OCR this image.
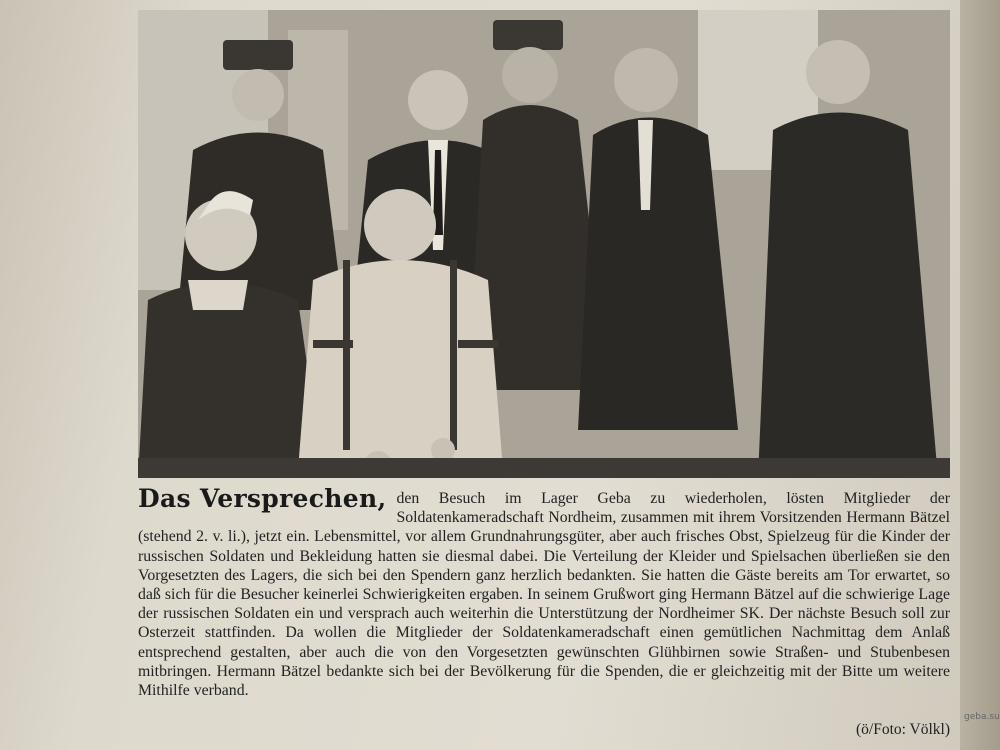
Das Versprechen, den Besuch im Lager Geba zu wiederholen, lösten Mitglieder der Soldatenkameradschaft Nordheim, zusammen mit ihrem Vorsitzenden Hermann Bätzel (stehend 2. v. li.), jetzt ein. Lebensmittel, vor allem Grundnahrungsgüter, aber auch frisches Obst, Spielzeug für die Kinder der russischen Soldaten und Bekleidung hatten sie diesmal dabei. Die Verteilung der Kleider und Spielsachen überließen sie den Vorgesetzten des Lagers, die sich bei den Spendern ganz herzlich bedankten. Sie hatten die Gäste bereits am Tor erwartet, so daß sich für die Besucher keinerlei Schwierigkeiten ergaben. In seinem Grußwort ging Hermann Bätzel auf die schwierige Lage der russischen Soldaten ein und versprach auch weiterhin die Unterstützung der Nordheimer SK. Der nächste Besuch soll zur Osterzeit stattfinden. Da wollen die Mitglieder der Soldatenkameradschaft einen gemütlichen Nachmittag dem Anlaß entsprechend gestalten, aber auch die von den Vorgesetzten gewünschten Glühbirnen sowie Straßen- und Stubenbesen mitbringen. Hermann Bätzel bedankte sich bei der Bevölkerung für die Spenden, die er gleichzeitig mit der Bitte um weitere Mithilfe verband.

(ö/Foto: Völkl)
geba.su
